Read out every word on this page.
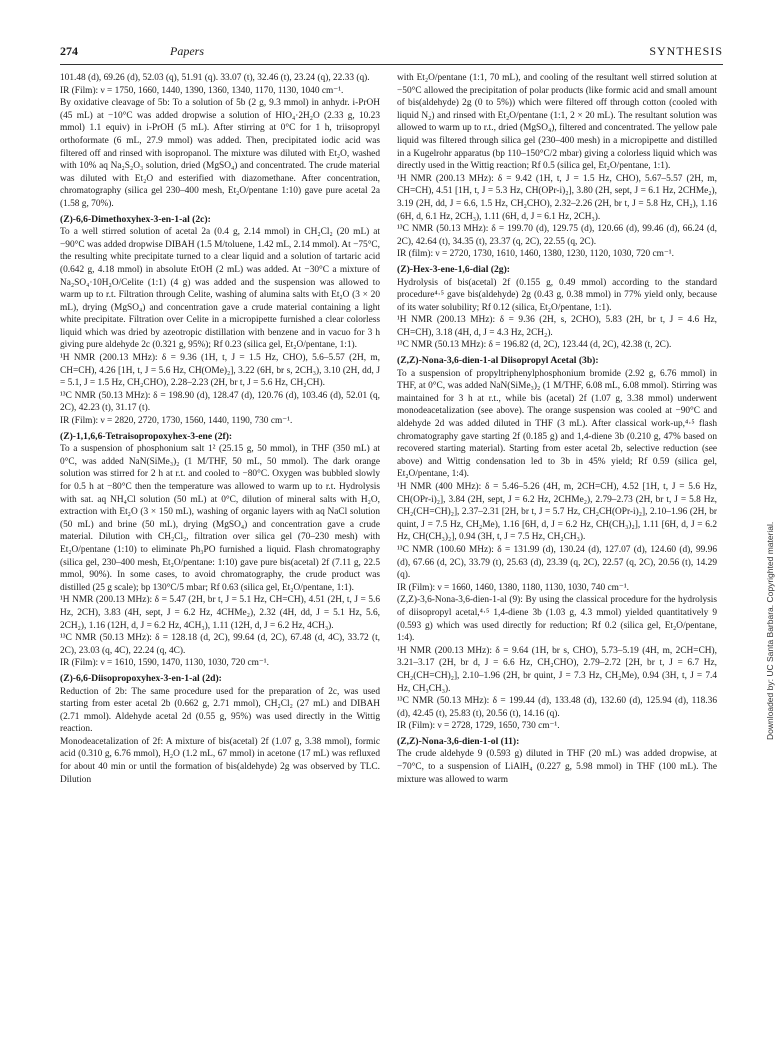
274	Papers	SYNTHESIS

101.48 (d), 69.26 (d), 52.03 (q), 51.91 (q). 33.07 (t), 32.46 (t), 23.24 (q), 22.33 (q).

IR (Film): ν = 1750, 1660, 1440, 1390, 1360, 1340, 1170, 1130, 1040 cm⁻¹.

By oxidative cleavage of 5b: To a solution of 5b (2 g, 9.3 mmol) in anhydr. i-PrOH (45 mL) at −10°C was added dropwise a solution of HIO₄·2H₂O (2.33 g, 10.23 mmol) 1.1 equiv) in i-PrOH (5 mL). After stirring at 0°C for 1 h, triisopropyl orthoformate (6 mL, 27.9 mmol) was added. Then, precipitated iodic acid was filtered off and rinsed with isopropanol. The mixture was diluted with Et₂O, washed with 10% aq Na₂S₂O₃ solution, dried (MgSO₄) and concentrated. The crude material was diluted with Et₂O and esterified with diazomethane. After concentration, chromatography (silica gel 230–400 mesh, Et₂O/pentane 1:10) gave pure acetal 2a (1.58 g, 70%).

(Z)-6,6-Dimethoxyhex-3-en-1-al (2c):

To a well stirred solution of acetal 2a (0.4 g, 2.14 mmol) in CH₂Cl₂ (20 mL) at −90°C was added dropwise DIBAH (1.5 M/toluene, 1.42 mL, 2.14 mmol). At −75°C, the resulting white precipitate turned to a clear liquid and a solution of tartaric acid (0.642 g, 4.18 mmol) in absolute EtOH (2 mL) was added. At −30°C a mixture of Na₂SO₄·10H₂O/Celite (1:1) (4 g) was added and the suspension was allowed to warm up to r.t. Filtration through Celite, washing of alumina salts with Et₂O (3 × 20 mL), drying (MgSO₄) and concentration gave a crude material containing a light white precipitate. Filtration over Celite in a micropipette furnished a clear colorless liquid which was dried by azeotropic distillation with benzene and in vacuo for 3 h giving pure aldehyde 2c (0.321 g, 95%); Rf 0.23 (silica gel, Et₂O/pentane, 1:1).

¹H NMR (200.13 MHz): δ = 9.36 (1H, t, J = 1.5 Hz, CHO), 5.6–5.57 (2H, m, CH=CH), 4.26 [1H, t, J = 5.6 Hz, CH(OMe)₂], 3.22 (6H, br s, 2CH₃), 3.10 (2H, dd, J = 5.1, J = 1.5 Hz, CH₂CHO), 2.28–2.23 (2H, br t, J = 5.6 Hz, CH₂CH).

¹³C NMR (50.13 MHz): δ = 198.90 (d), 128.47 (d), 120.76 (d), 103.46 (d), 52.01 (q, 2C), 42.23 (t), 31.17 (t).

IR (Film): ν = 2820, 2720, 1730, 1560, 1440, 1190, 730 cm⁻¹.

(Z)-1,1,6,6-Tetraisopropoxyhex-3-ene (2f):

To a suspension of phosphonium salt 1² (25.15 g, 50 mmol), in THF (350 mL) at 0°C, was added NaN(SiMe₃)₂ (1 M/THF, 50 mL, 50 mmol). The dark orange solution was stirred for 2 h at r.t. and cooled to −80°C. Oxygen was bubbled slowly for 0.5 h at −80°C then the temperature was allowed to warm up to r.t. Hydrolysis with sat. aq NH₄Cl solution (50 mL) at 0°C, dilution of mineral salts with H₂O, extraction with Et₂O (3 × 150 mL), washing of organic layers with aq NaCl solution (50 mL) and brine (50 mL), drying (MgSO₄) and concentration gave a crude material. Dilution with CH₂Cl₂, filtration over silica gel (70–230 mesh) with Et₂O/pentane (1:10) to eliminate Ph₃PO furnished a liquid. Flash chromatography (silica gel, 230–400 mesh, Et₂O/pentane: 1:10) gave pure bis(acetal) 2f (7.11 g, 22.5 mmol, 90%). In some cases, to avoid chromatography, the crude product was distilled (25 g scale); bp 130°C/5 mbar; Rf 0.63 (silica gel, Et₂O/pentane, 1:1).

¹H NMR (200.13 MHz): δ = 5.47 (2H, br t, J = 5.1 Hz, CH=CH), 4.51 (2H, t, J = 5.6 Hz, 2CH), 3.83 (4H, sept, J = 6.2 Hz, 4CHMe₂), 2.32 (4H, dd, J = 5.1 Hz, 5.6, 2CH₂), 1.16 (12H, d, J = 6.2 Hz, 4CH₃), 1.11 (12H, d, J = 6.2 Hz, 4CH₃).

¹³C NMR (50.13 MHz): δ = 128.18 (d, 2C), 99.64 (d, 2C), 67.48 (d, 4C), 33.72 (t, 2C), 23.03 (q, 4C), 22.24 (q, 4C).

IR (Film): ν = 1610, 1590, 1470, 1130, 1030, 720 cm⁻¹.

(Z)-6,6-Diisopropoxyhex-3-en-1-al (2d):

Reduction of 2b: The same procedure used for the preparation of 2c, was used starting from ester acetal 2b (0.662 g, 2.71 mmol), CH₂Cl₂ (27 mL) and DIBAH (2.71 mmol). Aldehyde acetal 2d (0.55 g, 95%) was used directly in the Wittig reaction.

Monodeacetalization of 2f: A mixture of bis(acetal) 2f (1.07 g, 3.38 mmol), formic acid (0.310 g, 6.76 mmol), H₂O (1.2 mL, 67 mmol) in acetone (17 mL) was refluxed for about 40 min or until the formation of bis(aldehyde) 2g was observed by TLC. Dilution

with Et₂O/pentane (1:1, 70 mL), and cooling of the resultant well stirred solution at −50°C allowed the precipitation of polar products (like formic acid and small amount of bis(aldehyde) 2g (0 to 5%)) which were filtered off through cotton (cooled with liquid N₂) and rinsed with Et₂O/pentane (1:1, 2 × 20 mL). The resultant solution was allowed to warm up to r.t., dried (MgSO₄), filtered and concentrated. The yellow pale liquid was filtered through silica gel (230–400 mesh) in a micropipette and distilled in a Kugelrohr apparatus (bp 110–150°C/2 mbar) giving a colorless liquid which was directly used in the Wittig reaction; Rf 0.5 (silica gel, Et₂O/pentane, 1:1).

¹H NMR (200.13 MHz): δ = 9.42 (1H, t, J = 1.5 Hz, CHO), 5.67–5.57 (2H, m, CH=CH), 4.51 [1H, t, J = 5.3 Hz, CH(OPr-i)₂], 3.80 (2H, sept, J = 6.1 Hz, 2CHMe₂), 3.19 (2H, dd, J = 6.6, 1.5 Hz, CH₂CHO), 2.32–2.26 (2H, br t, J = 5.8 Hz, CH₂), 1.16 (6H, d, 6.1 Hz, 2CH₃), 1.11 (6H, d, J = 6.1 Hz, 2CH₃).

¹³C NMR (50.13 MHz): δ = 199.70 (d), 129.75 (d), 120.66 (d), 99.46 (d), 66.24 (d, 2C), 42.64 (t), 34.35 (t), 23.37 (q, 2C), 22.55 (q, 2C).

IR (film): ν = 2720, 1730, 1610, 1460, 1380, 1230, 1120, 1030, 720 cm⁻¹.

(Z)-Hex-3-ene-1,6-dial (2g):

Hydrolysis of bis(acetal) 2f (0.155 g, 0.49 mmol) according to the standard procedure⁴·⁵ gave bis(aldehyde) 2g (0.43 g, 0.38 mmol) in 77% yield only, because of its water solubility; Rf 0.12 (silica, Et₂O/pentane, 1:1).

¹H NMR (200.13 MHz): δ = 9.36 (2H, s, 2CHO), 5.83 (2H, br t, J = 4.6 Hz, CH=CH), 3.18 (4H, d, J = 4.3 Hz, 2CH₂).

¹³C NMR (50.13 MHz): δ = 196.82 (d, 2C), 123.44 (d, 2C), 42.38 (t, 2C).

(Z,Z)-Nona-3,6-dien-1-al Diisopropyl Acetal (3b):

To a suspension of propyltriphenylphosphonium bromide (2.92 g, 6.76 mmol) in THF, at 0°C, was added NaN(SiMe₃)₂ (1 M/THF, 6.08 mL, 6.08 mmol). Stirring was maintained for 3 h at r.t., while bis (acetal) 2f (1.07 g, 3.38 mmol) underwent monodeacetalization (see above). The orange suspension was cooled at −90°C and aldehyde 2d was added diluted in THF (3 mL). After classical work-up,⁴·⁵ flash chromatography gave starting 2f (0.185 g) and 1,4-diene 3b (0.210 g, 47% based on recovered starting material). Starting from ester acetal 2b, selective reduction (see above) and Wittig condensation led to 3b in 45% yield; Rf 0.59 (silica gel, Et₂O/pentane, 1:4).

¹H NMR (400 MHz): δ = 5.46–5.26 (4H, m, 2CH=CH), 4.52 [1H, t, J = 5.6 Hz, CH(OPr-i)₂], 3.84 (2H, sept, J = 6.2 Hz, 2CHMe₂), 2.79–2.73 (2H, br t, J = 5.8 Hz, CH₂(CH=CH)₂], 2.37–2.31 [2H, br t, J = 5.7 Hz, CH₂CH(OPr-i)₂], 2.10–1.96 (2H, br quint, J = 7.5 Hz, CH₂Me), 1.16 [6H, d, J = 6.2 Hz, CH(CH₃)₂], 1.11 [6H, d, J = 6.2 Hz, CH(CH₃)₂], 0.94 (3H, t, J = 7.5 Hz, CH₂CH₃).

¹³C NMR (100.60 MHz): δ = 131.99 (d), 130.24 (d), 127.07 (d), 124.60 (d), 99.96 (d), 67.66 (d, 2C), 33.79 (t), 25.63 (d), 23.39 (q, 2C), 22.57 (q, 2C), 20.56 (t), 14.29 (q).

IR (Film): ν = 1660, 1460, 1380, 1180, 1130, 1030, 740 cm⁻¹.

(Z,Z)-3,6-Nona-3,6-dien-1-al (9): By using the classical procedure for the hydrolysis of diisopropyl acetal,⁴·⁵ 1,4-diene 3b (1.03 g, 4.3 mmol) yielded quantitatively 9 (0.593 g) which was used directly for reduction; Rf 0.2 (silica gel, Et₂O/pentane, 1:4).

¹H NMR (200.13 MHz): δ = 9.64 (1H, br s, CHO), 5.73–5.19 (4H, m, 2CH=CH), 3.21–3.17 (2H, br d, J = 6.6 Hz, CH₂CHO), 2.79–2.72 [2H, br t, J = 6.7 Hz, CH₂(CH=CH)₂], 2.10–1.96 (2H, br quint, J = 7.3 Hz, CH₂Me), 0.94 (3H, t, J = 7.4 Hz, CH₃CH₃).

¹³C NMR (50.13 MHz): δ = 199.44 (d), 133.48 (d), 132.60 (d), 125.94 (d), 118.36 (d), 42.45 (t), 25.83 (t), 20.56 (t), 14.16 (q).

IR (Film): ν = 2728, 1729, 1650, 730 cm⁻¹.

(Z,Z)-Nona-3,6-dien-1-ol (11):

The crude aldehyde 9 (0.593 g) diluted in THF (20 mL) was added dropwise, at −70°C, to a suspension of LiAlH₄ (0.227 g, 5.98 mmol) in THF (100 mL). The mixture was allowed to warm

Downloaded by: UC Santa Barbara. Copyrighted material.
